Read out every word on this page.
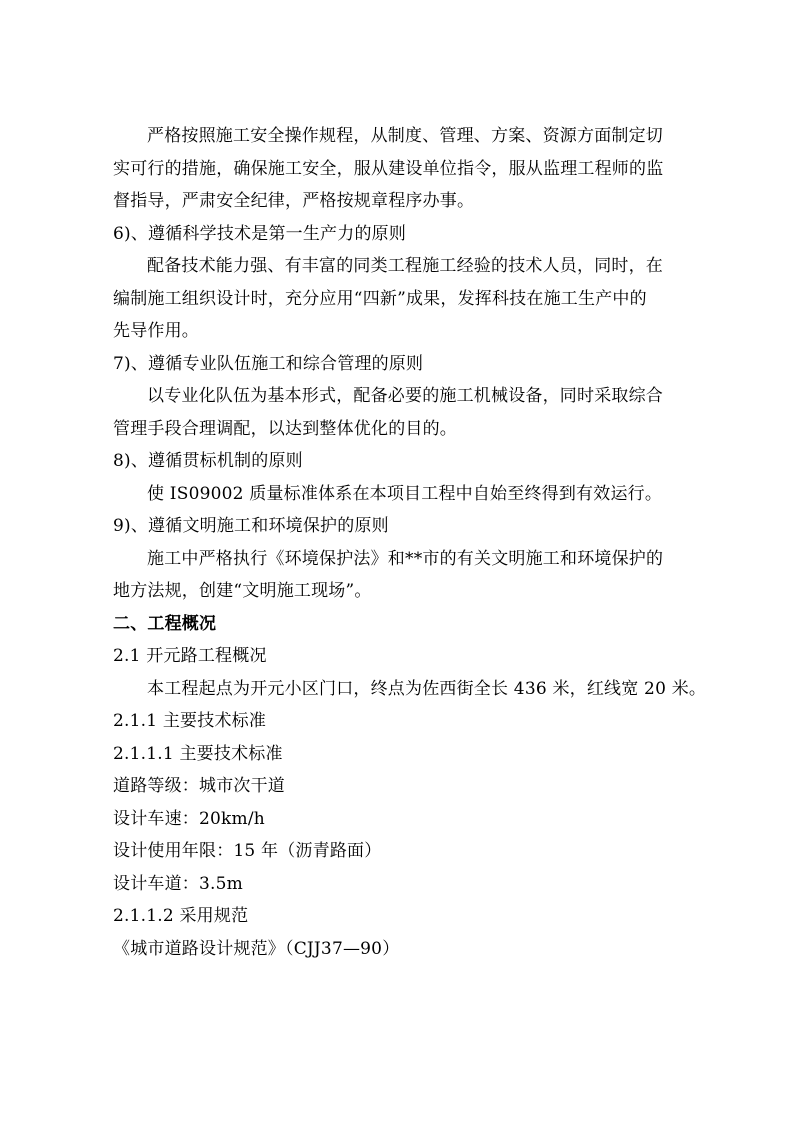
严格按照施工安全操作规程，从制度、管理、方案、资源方面制定切
实可行的措施，确保施工安全，服从建设单位指令，服从监理工程师的监
督指导，严肃安全纪律，严格按规章程序办事。
6)、遵循科学技术是第一生产力的原则
配备技术能力强、有丰富的同类工程施工经验的技术人员，同时，在
编制施工组织设计时，充分应用“四新”成果，发挥科技在施工生产中的
先导作用。
7)、遵循专业队伍施工和综合管理的原则
以专业化队伍为基本形式，配备必要的施工机械设备，同时采取综合
管理手段合理调配，以达到整体优化的目的。
8)、遵循贯标机制的原则
使 IS09002 质量标准体系在本项目工程中自始至终得到有效运行。
9)、遵循文明施工和环境保护的原则
施工中严格执行《环境保护法》和**市的有关文明施工和环境保护的
地方法规，创建“文明施工现场”。
二、工程概况
2.1 开元路工程概况
本工程起点为开元小区门口，终点为佐西街全长 436 米，红线宽 20 米。
2.1.1 主要技术标准
2.1.1.1 主要技术标准
道路等级：城市次干道
设计车速：20km/h
设计使用年限：15 年（沥青路面）
设计车道：3.5m
2.1.1.2 采用规范
《城市道路设计规范》（CJJ37—90）
